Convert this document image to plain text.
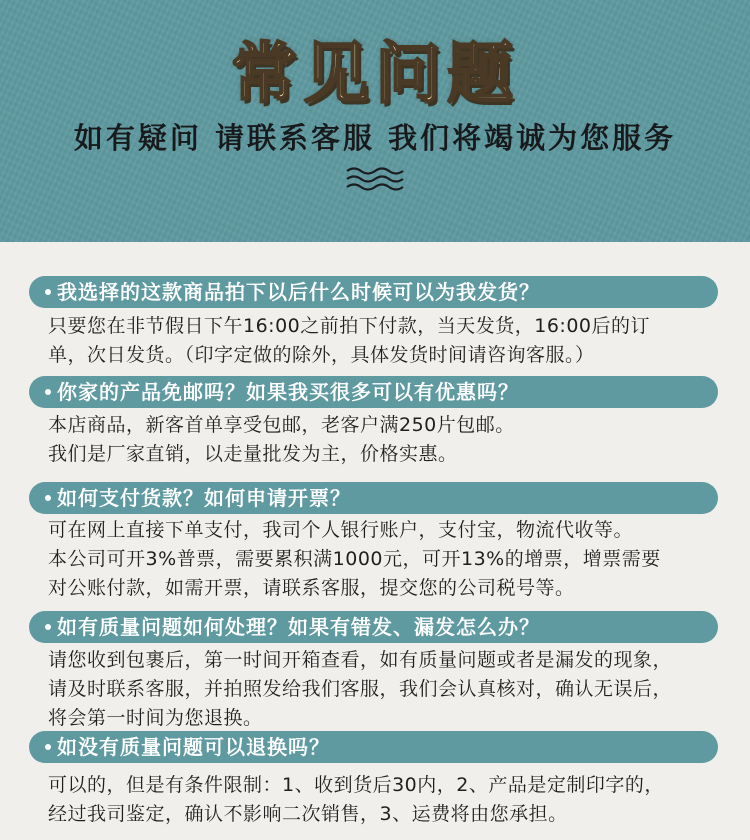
常见问题
如有疑问 请联系客服 我们将竭诚为您服务
我选择的这款商品拍下以后什么时候可以为我发货？
只要您在非节假日下午16:00之前拍下付款，当天发货，16:00后的订
单，次日发货。（印字定做的除外，具体发货时间请咨询客服。）
你家的产品免邮吗？如果我买很多可以有优惠吗？
本店商品，新客首单享受包邮，老客户满250片包邮。
我们是厂家直销，以走量批发为主，价格实惠。
如何支付货款？如何申请开票？
可在网上直接下单支付，我司个人银行账户，支付宝，物流代收等。
本公司可开3%普票，需要累积满1000元，可开13%的增票，增票需要
对公账付款，如需开票，请联系客服，提交您的公司税号等。
如有质量问题如何处理？如果有错发、漏发怎么办？
请您收到包裹后，第一时间开箱查看，如有质量问题或者是漏发的现象，
请及时联系客服，并拍照发给我们客服，我们会认真核对，确认无误后，
将会第一时间为您退换。
如没有质量问题可以退换吗？
可以的，但是有条件限制：1、收到货后30内，2、产品是定制印字的，
经过我司鉴定，确认不影响二次销售，3、运费将由您承担。
